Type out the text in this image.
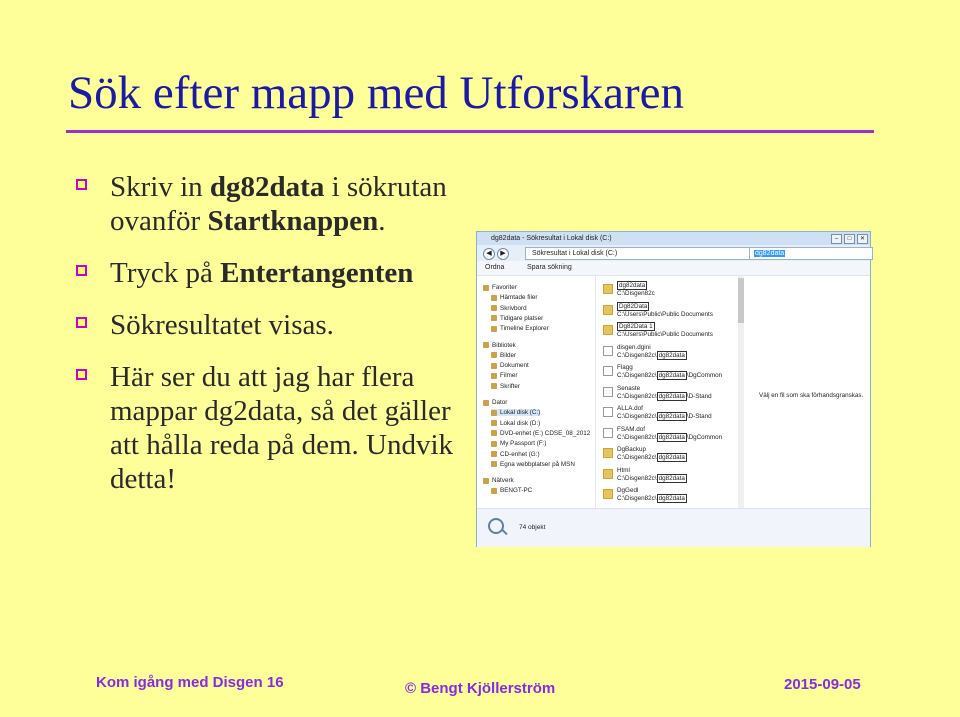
Sök efter mapp med Utforskaren
Skriv in dg82data i sökrutan ovanför Startknappen.
Tryck på Entertangenten
Sökresultatet visas.
Här ser du att jag har flera mappar dg2data, så det gäller att hålla reda på dem. Undvik detta!
dg82data - Sökresultat i Lokal disk (C:)	–	□	✕
◀	▶	Sökresultat i Lokal disk (C:)	dg82data
Ordna	Spara sökning
Favoriter
Hämtade filer
Skrivbord
Tidigare platser
Timeline Explorer
Bibliotek
Bilder
Dokument
Filmer
Skrifter
Dator
Lokal disk (C:)
Lokal disk (D:)
DVD-enhet (E:) CDSE_08_2012
My Passport (F:)
CD-enhet (G:)
Egna webbplatser på MSN
Nätverk
BENGT-PC
dg82data
C:\Disgen82c
Dg82Data
C:\Users\Public\Public Documents
Dg82Data 1
C:\Users\Public\Public Documents
disgen.dgini
C:\Disgen82c\ dg82data
Flagg
C:\Disgen82c\ dg82data \DgCommon
Senaste
C:\Disgen82c\ dg82data \D-Stand
ALLA.dof
C:\Disgen82c\ dg82data \D-Stand
FSAM.dof
C:\Disgen82c\ dg82data \DgCommon
DgBackup
C:\Disgen82c\ dg82data
Html
C:\Disgen82c\ dg82data
DgGedl
C:\Disgen82c\ dg82data
Välj en fil som ska förhandsgranskas.
74 objekt
Kom igång med Disgen 16	© Bengt Kjöllerström	2015-09-05
